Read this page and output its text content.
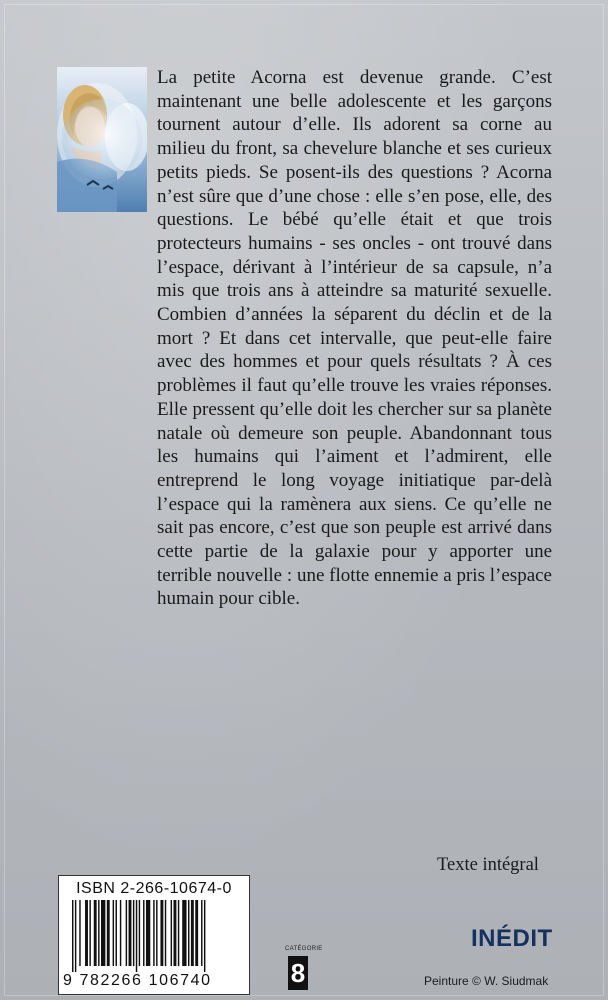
La petite Acorna est devenue grande. C’est maintenant une belle adolescente et les garçons tournent autour d’elle. Ils adorent sa corne au milieu du front, sa chevelure blanche et ses curieux petits pieds. Se posent-ils des questions ? Acorna n’est sûre que d’une chose : elle s’en pose, elle, des questions. Le bébé qu’elle était et que trois protecteurs humains - ses oncles - ont trouvé dans l’espace, dérivant à l’intérieur de sa capsule, n’a mis que trois ans à atteindre sa maturité sexuelle. Combien d’années la séparent du déclin et de la mort ? Et dans cet intervalle, que peut-elle faire avec des hommes et pour quels résultats ? À ces problèmes il faut qu’elle trouve les vraies réponses. Elle pressent qu’elle doit les chercher sur sa planète natale où demeure son peuple. Abandonnant tous les humains qui l’aiment et l’admirent, elle entreprend le long voyage initiatique par-delà l’espace qui la ramènera aux siens. Ce qu’elle ne sait pas encore, c’est que son peuple est arrivé dans cette partie de la galaxie pour y apporter une terrible nouvelle : une flotte ennemie a pris l’espace humain pour cible.

Texte intégral
ISBN 2-266-10674-0
9 782266 106740
CATÉGORIE
8
INÉDIT
Peinture © W. Siudmak
